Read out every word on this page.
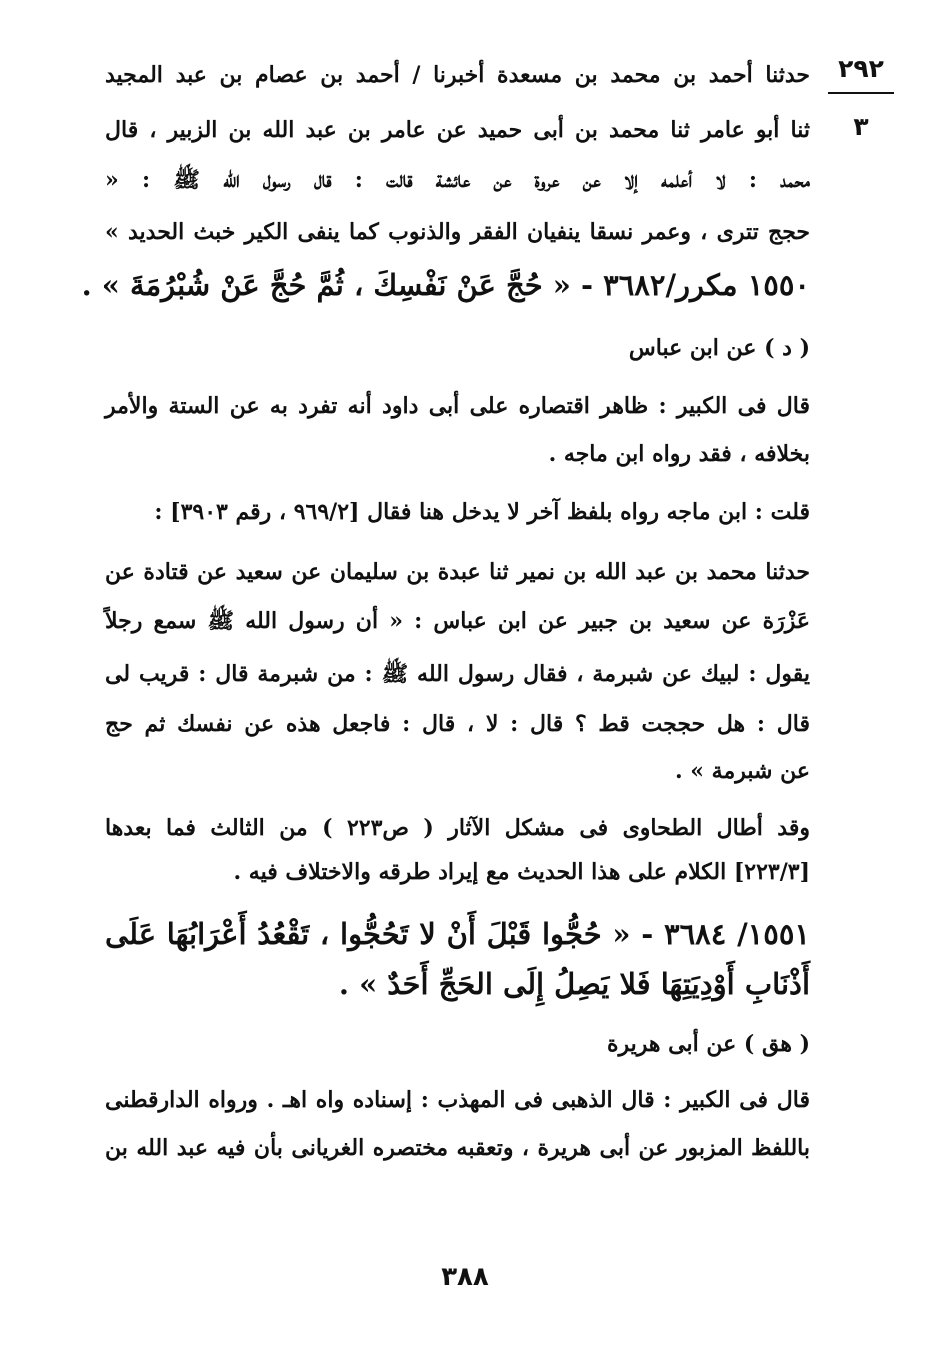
٢٩٢
٣
حدثنا أحمد بن محمد بن مسعدة أخبرنا / أحمد بن عصام بن عبد المجيد
ثنا أبو عامر ثنا محمد بن أبى حميد عن عامر بن عبد الله بن الزبير ، قال
محمد : لا أعلمه إلا عن عروة عن عائشة قالت : قال رسول الله ﷺ : «
حجج تترى ، وعمر نسقا ينفيان الفقر والذنوب كما ينفى الكير خبث الحديد »
١٥٥٠ مكرر/٣٦٨٢ - « حُجَّ عَنْ نَفْسِكَ ، ثُمَّ حُجَّ عَنْ شُبْرُمَةَ » .
( د ) عن ابن عباس
قال فى الكبير : ظاهر اقتصاره على أبى داود أنه تفرد به عن الستة والأمر
بخلافه ، فقد رواه ابن ماجه .
قلت : ابن ماجه رواه بلفظ آخر لا يدخل هنا فقال [٩٦٩/٢ ، رقم ٣٩٠٣] :
حدثنا محمد بن عبد الله بن نمير ثنا عبدة بن سليمان عن سعيد عن قتادة عن
عَزْرَة عن سعيد بن جبير عن ابن عباس : « أن رسول الله ﷺ سمع رجلاً
يقول : لبيك عن شبرمة ، فقال رسول الله ﷺ : من شبرمة قال : قريب لى
قال : هل حججت قط ؟ قال : لا ، قال : فاجعل هذه عن نفسك ثم حج
عن شبرمة » .
وقد أطال الطحاوى فى مشكل الآثار ( ص٢٢٣ ) من الثالث فما بعدها
[٢٢٣/٣] الكلام على هذا الحديث مع إيراد طرقه والاختلاف فيه .
١٥٥١/ ٣٦٨٤ - « حُجُّوا قَبْلَ أَنْ لا تَحُجُّوا ، تَقْعُدُ أَعْرَابُهَا عَلَى
أَذْنَابِ أَوْدِيَتِهَا فَلا يَصِلُ إِلَى الحَجِّ أَحَدٌ » .
( هق ) عن أبى هريرة
قال فى الكبير : قال الذهبى فى المهذب : إسناده واه اهـ . ورواه الدارقطنى
باللفظ المزبور عن أبى هريرة ، وتعقبه مختصره الغريانى بأن فيه عبد الله بن
٣٨٨
